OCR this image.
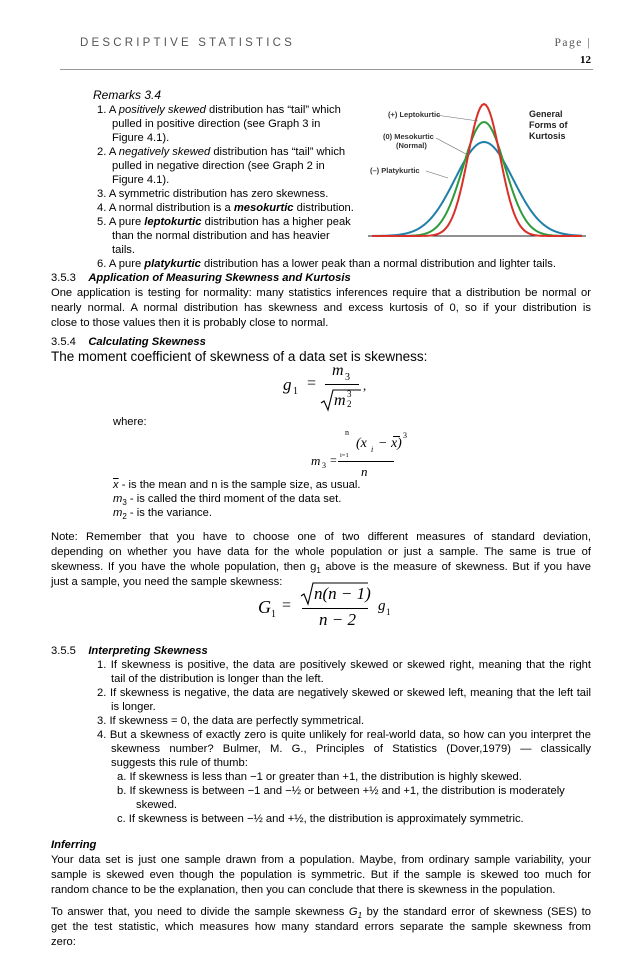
DESCRIPTIVE STATISTICS	Page |
12
Remarks 3.4
1. A positively skewed distribution has “tail” which
pulled in positive direction (see Graph 3 in
Figure 4.1).
2. A negatively skewed distribution has “tail” which
pulled in negative direction (see Graph 2 in
Figure 4.1).
3. A symmetric distribution has zero skewness.
4. A normal distribution is a mesokurtic distribution.
5. A pure leptokurtic distribution has a higher peak
than the normal distribution and has heavier
tails.
6. A pure platykurtic distribution has a lower peak than a normal distribution and lighter tails.
(+) Leptokurtic
(0) Mesokurtic
(Normal)
(–) Platykurtic
General
Forms of
Kurtosis
3.5.3 Application of Measuring Skewness and Kurtosis
One application is testing for normality: many statistics inferences require that a distribution be normal or
nearly normal. A normal distribution has skewness and excess kurtosis of 0, so if your distribution is
close to those values then it is probably close to normal.
3.5.4 Calculating Skewness
The moment coefficient of skewness of a data set is skewness:
g 1 =
m 3
m 3
2
,
where:
n
(x i − x)
3
m 3 = i=1
n
$\overline{x}$ - is the mean and n is the sample size, as usual.
$m_3$ - is called the third moment of the data set.
$m_2$ - is the variance.
Note: Remember that you have to choose one of two different measures of standard deviation,
depending on whether you have data for the whole population or just a sample. The same is true of
skewness. If you have the whole population, then $g_1$ above is the measure of skewness. But if you have
just a sample, you need the sample skewness:
G 1
=
n(n − 1)
n − 2
g 1
3.5.5 Interpreting Skewness
1. If skewness is positive, the data are positively skewed or skewed right, meaning that the right
tail of the distribution is longer than the left.
2. If skewness is negative, the data are negatively skewed or skewed left, meaning that the left tail
is longer.
3. If skewness = 0, the data are perfectly symmetrical.
4. But a skewness of exactly zero is quite unlikely for real-world data, so how can you interpret the
skewness number? Bulmer, M. G., Principles of Statistics (Dover,1979) — classically
suggests this rule of thumb:
a. If skewness is less than −1 or greater than +1, the distribution is highly skewed.
b. If skewness is between −1 and −½ or between +½ and +1, the distribution is moderately
skewed.
c. If skewness is between −½ and +½, the distribution is approximately symmetric.
Inferring
Your data set is just one sample drawn from a population. Maybe, from ordinary sample variability, your
sample is skewed even though the population is symmetric. But if the sample is skewed too much for
random chance to be the explanation, then you can conclude that there is skewness in the population.
To answer that, you need to divide the sample skewness $G_1$ by the standard error of skewness (SES) to
get the test statistic, which measures how many standard errors separate the sample skewness from
zero:
